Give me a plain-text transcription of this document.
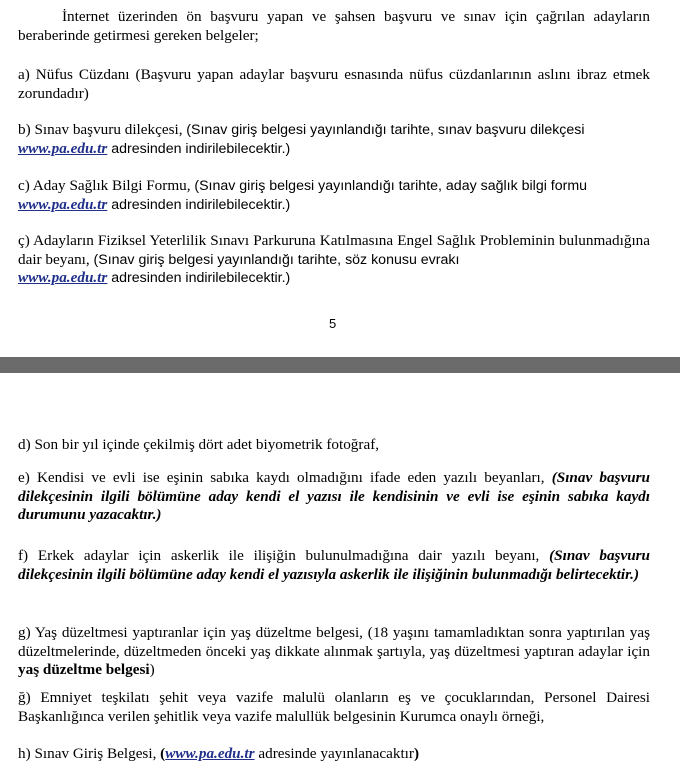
İnternet üzerinden ön başvuru yapan ve şahsen başvuru ve sınav için çağrılan adayların beraberinde getirmesi gereken belgeler;

a) Nüfus Cüzdanı (Başvuru yapan adaylar başvuru esnasında nüfus cüzdanlarının aslını ibraz etmek zorundadır)

b) Sınav başvuru dilekçesi, (Sınav giriş belgesi yayınlandığı tarihte, sınav başvuru dilekçesi
www.pa.edu.tr adresinden indirilebilecektir.)

c) Aday Sağlık Bilgi Formu, (Sınav giriş belgesi yayınlandığı tarihte, aday sağlık bilgi formu
www.pa.edu.tr adresinden indirilebilecektir.)

ç) Adayların Fiziksel Yeterlilik Sınavı Parkuruna Katılmasına Engel Sağlık Probleminin bulunmadığına dair beyanı, (Sınav giriş belgesi yayınlandığı tarihte, söz konusu evrakı
www.pa.edu.tr adresinden indirilebilecektir.)

5

d) Son bir yıl içinde çekilmiş dört adet biyometrik fotoğraf,

e) Kendisi ve evli ise eşinin sabıka kaydı olmadığını ifade eden yazılı beyanları, (Sınav başvuru dilekçesinin ilgili bölümüne aday kendi el yazısı ile kendisinin ve evli ise eşinin sabıka kaydı durumunu yazacaktır.)

f) Erkek adaylar için askerlik ile ilişiğin bulunulmadığına dair yazılı beyanı, (Sınav başvuru dilekçesinin ilgili bölümüne aday kendi el yazısıyla askerlik ile ilişiğinin bulunmadığı belirtecektir.)

g) Yaş düzeltmesi yaptıranlar için yaş düzeltme belgesi, (18 yaşını tamamladıktan sonra yaptırılan yaş düzeltmelerinde, düzeltmeden önceki yaş dikkate alınmak şartıyla, yaş düzeltmesi yaptıran adaylar için yaş düzeltme belgesi)

ğ) Emniyet teşkilatı şehit veya vazife malulü olanların eş ve çocuklarından, Personel Dairesi Başkanlığınca verilen şehitlik veya vazife malullük belgesinin Kurumca onaylı örneği,

h) Sınav Giriş Belgesi, (www.pa.edu.tr adresinde yayınlanacaktır)
